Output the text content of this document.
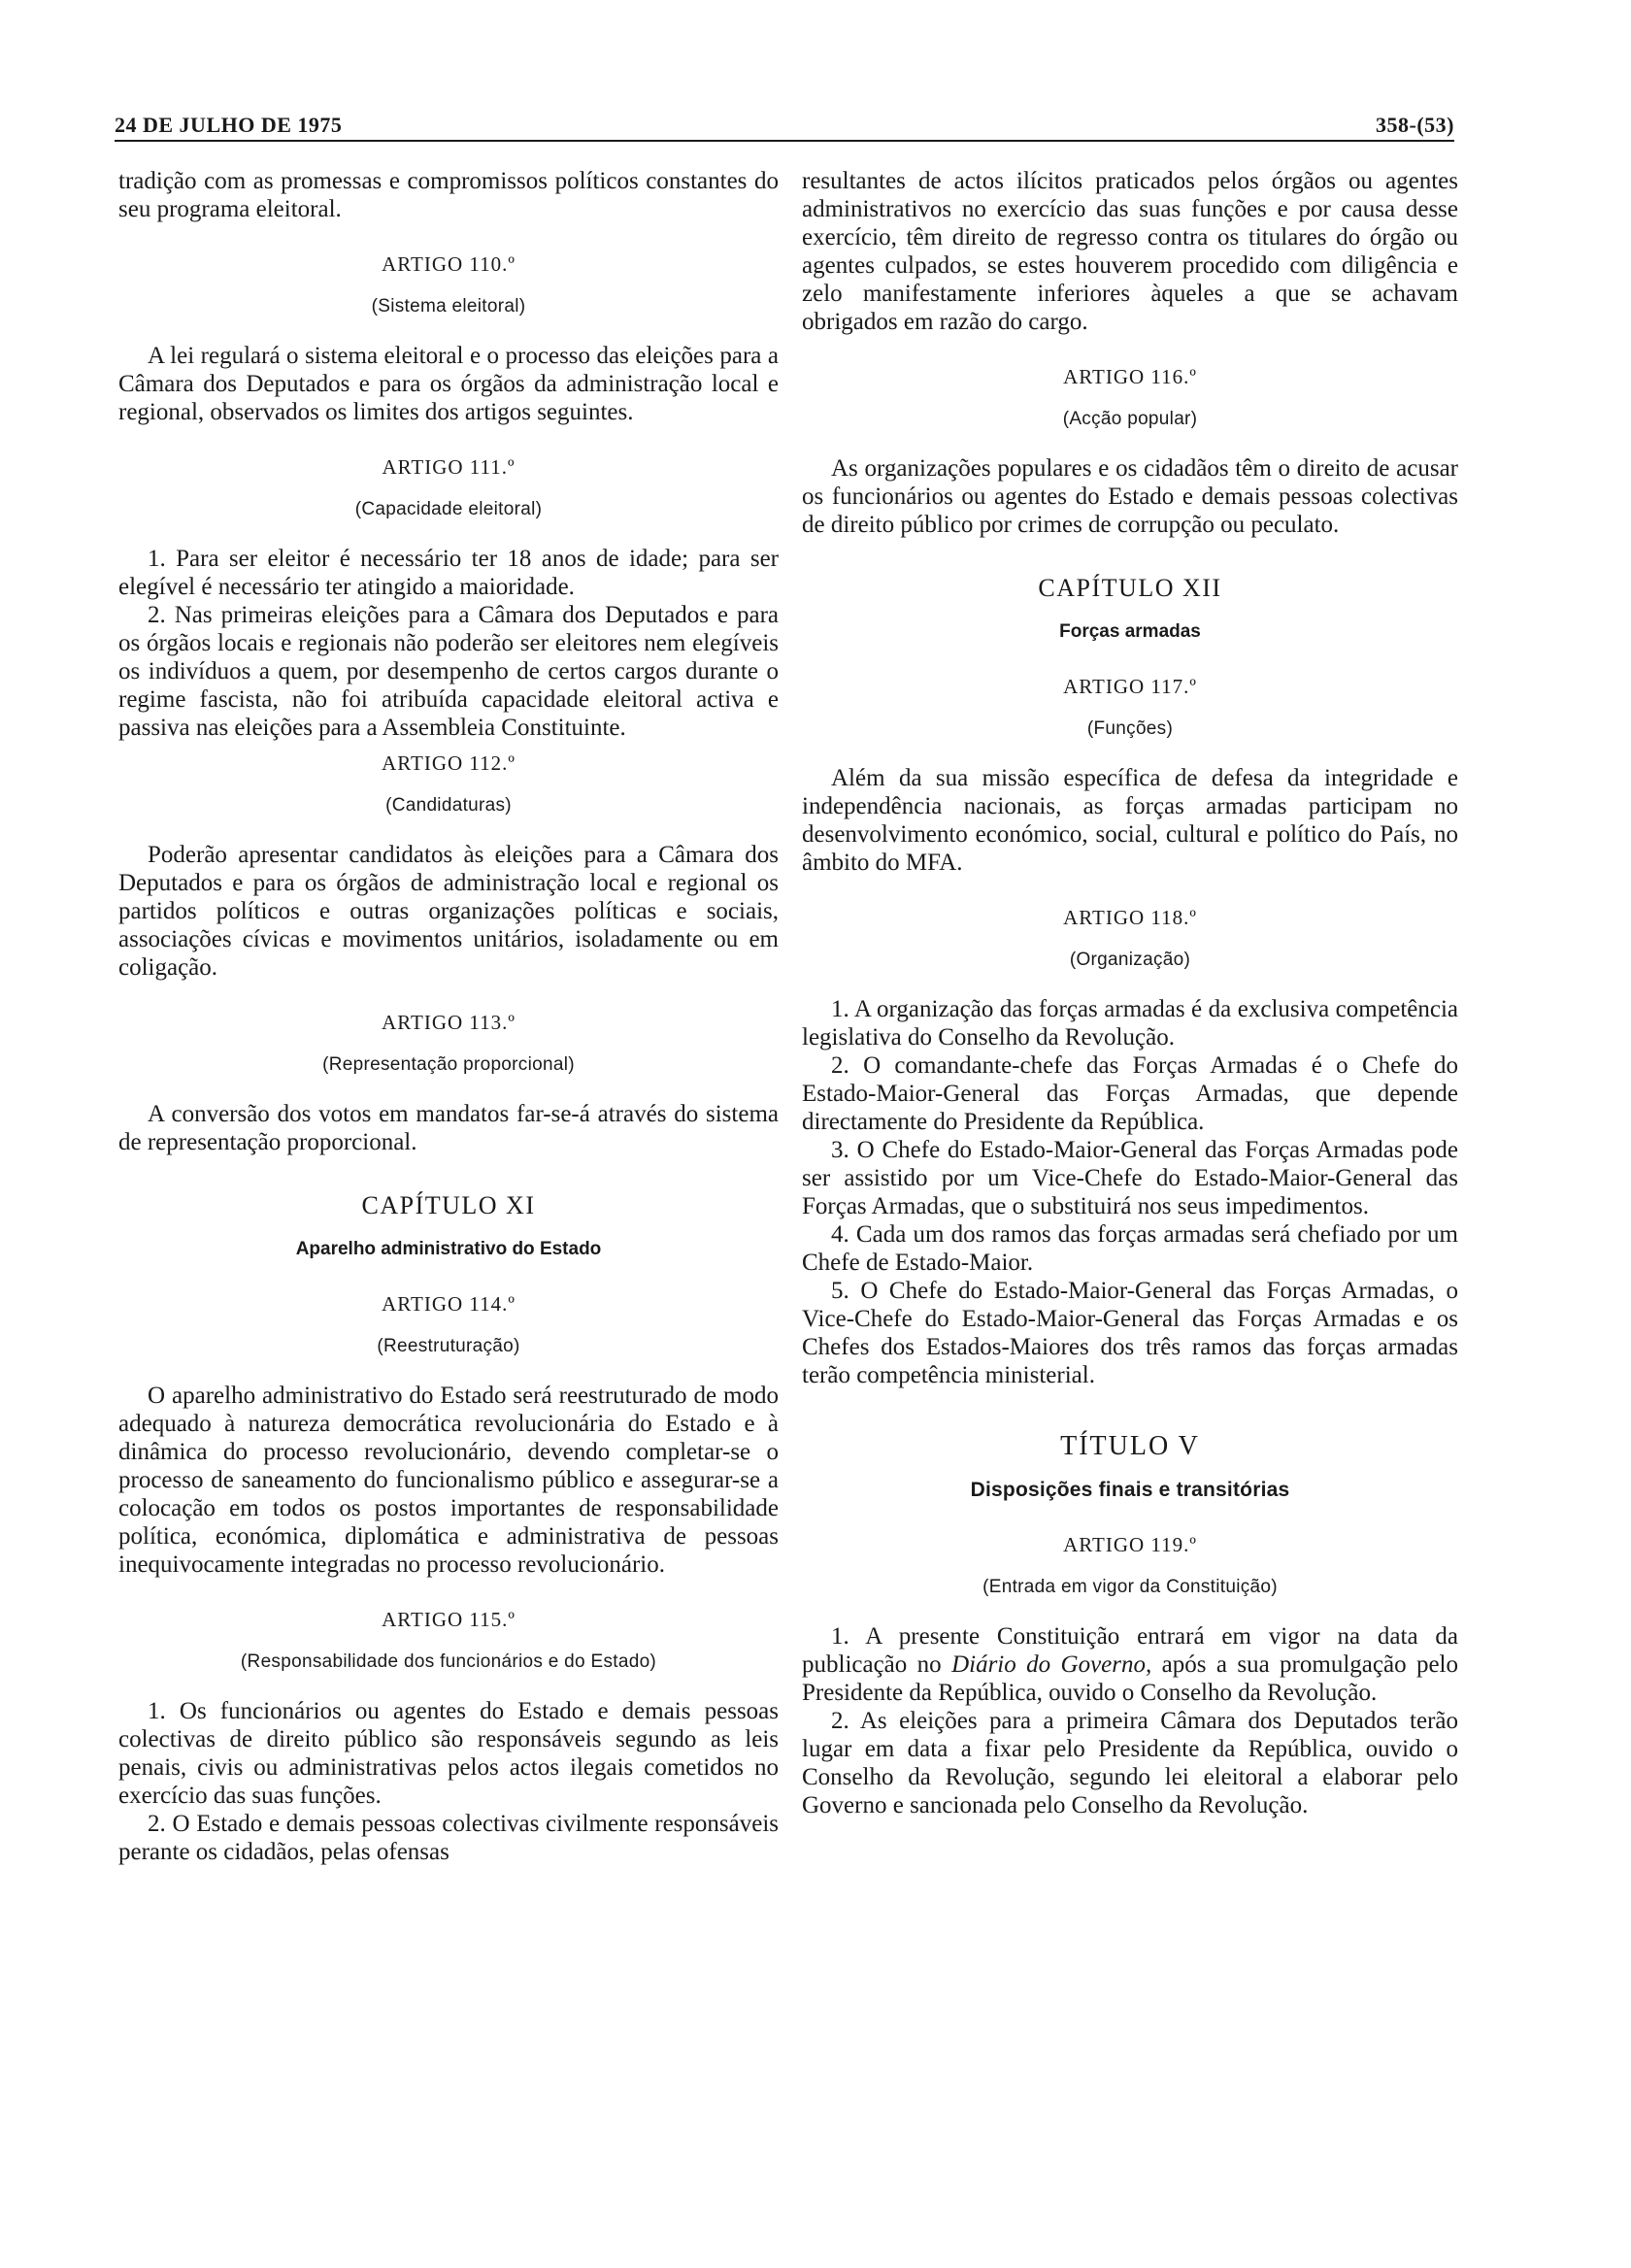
24 DE JULHO DE 1975	358-(53)

tradição com as promessas e compromissos políticos constantes do seu programa eleitoral.

ARTIGO 110.º
(Sistema eleitoral)

A lei regulará o sistema eleitoral e o processo das eleições para a Câmara dos Deputados e para os órgãos da administração local e regional, observados os limites dos artigos seguintes.

ARTIGO 111.º
(Capacidade eleitoral)

1. Para ser eleitor é necessário ter 18 anos de idade; para ser elegível é necessário ter atingido a maioridade.

2. Nas primeiras eleições para a Câmara dos Deputados e para os órgãos locais e regionais não poderão ser eleitores nem elegíveis os indivíduos a quem, por desempenho de certos cargos durante o regime fascista, não foi atribuída capacidade eleitoral activa e passiva nas eleições para a Assembleia Constituinte.

ARTIGO 112.º
(Candidaturas)

Poderão apresentar candidatos às eleições para a Câmara dos Deputados e para os órgãos de administração local e regional os partidos políticos e outras organizações políticas e sociais, associações cívicas e movimentos unitários, isoladamente ou em coligação.

ARTIGO 113.º
(Representação proporcional)

A conversão dos votos em mandatos far-se-á através do sistema de representação proporcional.

CAPÍTULO XI
Aparelho administrativo do Estado
ARTIGO 114.º
(Reestruturação)

O aparelho administrativo do Estado será reestruturado de modo adequado à natureza democrática revolucionária do Estado e à dinâmica do processo revolucionário, devendo completar-se o processo de saneamento do funcionalismo público e assegurar-se a colocação em todos os postos importantes de responsabilidade política, económica, diplomática e administrativa de pessoas inequivocamente integradas no processo revolucionário.

ARTIGO 115.º
(Responsabilidade dos funcionários e do Estado)

1. Os funcionários ou agentes do Estado e demais pessoas colectivas de direito público são responsáveis segundo as leis penais, civis ou administrativas pelos actos ilegais cometidos no exercício das suas funções.

2. O Estado e demais pessoas colectivas civilmente responsáveis perante os cidadãos, pelas ofensas

resultantes de actos ilícitos praticados pelos órgãos ou agentes administrativos no exercício das suas funções e por causa desse exercício, têm direito de regresso contra os titulares do órgão ou agentes culpados, se estes houverem procedido com diligência e zelo manifestamente inferiores àqueles a que se achavam obrigados em razão do cargo.

ARTIGO 116.º
(Acção popular)

As organizações populares e os cidadãos têm o direito de acusar os funcionários ou agentes do Estado e demais pessoas colectivas de direito público por crimes de corrupção ou peculato.

CAPÍTULO XII
Forças armadas
ARTIGO 117.º
(Funções)

Além da sua missão específica de defesa da integridade e independência nacionais, as forças armadas participam no desenvolvimento económico, social, cultural e político do País, no âmbito do MFA.

ARTIGO 118.º
(Organização)

1. A organização das forças armadas é da exclusiva competência legislativa do Conselho da Revolução.

2. O comandante-chefe das Forças Armadas é o Chefe do Estado-Maior-General das Forças Armadas, que depende directamente do Presidente da República.

3. O Chefe do Estado-Maior-General das Forças Armadas pode ser assistido por um Vice-Chefe do Estado-Maior-General das Forças Armadas, que o substituirá nos seus impedimentos.

4. Cada um dos ramos das forças armadas será chefiado por um Chefe de Estado-Maior.

5. O Chefe do Estado-Maior-General das Forças Armadas, o Vice-Chefe do Estado-Maior-General das Forças Armadas e os Chefes dos Estados-Maiores dos três ramos das forças armadas terão competência ministerial.

TÍTULO V
Disposições finais e transitórias
ARTIGO 119.º
(Entrada em vigor da Constituição)

1. A presente Constituição entrará em vigor na data da publicação no Diário do Governo, após a sua promulgação pelo Presidente da República, ouvido o Conselho da Revolução.

2. As eleições para a primeira Câmara dos Deputados terão lugar em data a fixar pelo Presidente da República, ouvido o Conselho da Revolução, segundo lei eleitoral a elaborar pelo Governo e sancionada pelo Conselho da Revolução.
